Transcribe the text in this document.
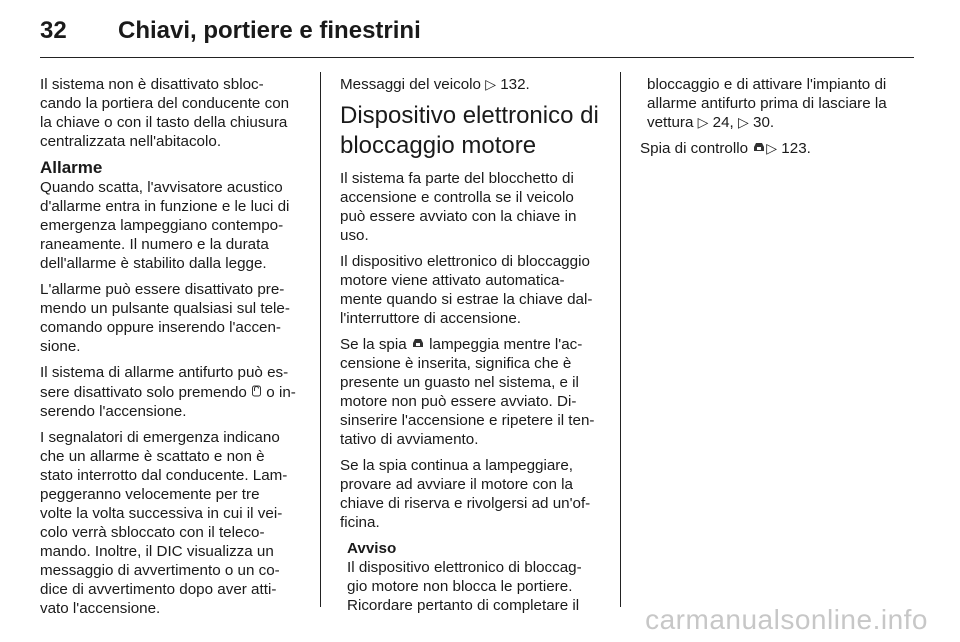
32 Chiavi, portiere e finestrini

Il sistema non è disattivato sbloc-
cando la portiera del conducente con
la chiave o con il tasto della chiusura
centralizzata nell'abitacolo.

Allarme

Quando scatta, l'avvisatore acustico
d'allarme entra in funzione e le luci di
emergenza lampeggiano contempo-
raneamente. Il numero e la durata
dell'allarme è stabilito dalla legge.

L'allarme può essere disattivato pre-
mendo un pulsante qualsiasi sul tele-
comando oppure inserendo l'accen-
sione.

Il sistema di allarme antifurto può es-
sere disattivato solo premendo  o in-
serendo l'accensione.

I segnalatori di emergenza indicano
che un allarme è scattato e non è
stato interrotto dal conducente. Lam-
peggeranno velocemente per tre
volte la volta successiva in cui il vei-
colo verrà sbloccato con il teleco-
mando. Inoltre, il DIC visualizza un
messaggio di avvertimento o un co-
dice di avvertimento dopo aver atti-
vato l'accensione.

Messaggi del veicolo ▷ 132.

Dispositivo elettronico di
bloccaggio motore

Il sistema fa parte del blocchetto di
accensione e controlla se il veicolo
può essere avviato con la chiave in
uso.

Il dispositivo elettronico di bloccaggio
motore viene attivato automatica-
mente quando si estrae la chiave dal-
l'interruttore di accensione.

Se la spia  lampeggia mentre l'ac-
censione è inserita, significa che è
presente un guasto nel sistema, e il
motore non può essere avviato. Di-
sinserire l'accensione e ripetere il ten-
tativo di avviamento.

Se la spia continua a lampeggiare,
provare ad avviare il motore con la
chiave di riserva e rivolgersi ad un'of-
ficina.

Avviso
Il dispositivo elettronico di bloccag-
gio motore non blocca le portiere.
Ricordare pertanto di completare il

bloccaggio e di attivare l'impianto di
allarme antifurto prima di lasciare la
vettura ▷ 24, ▷ 30.

Spia di controllo ▷ 123.

carmanualsonline.info
